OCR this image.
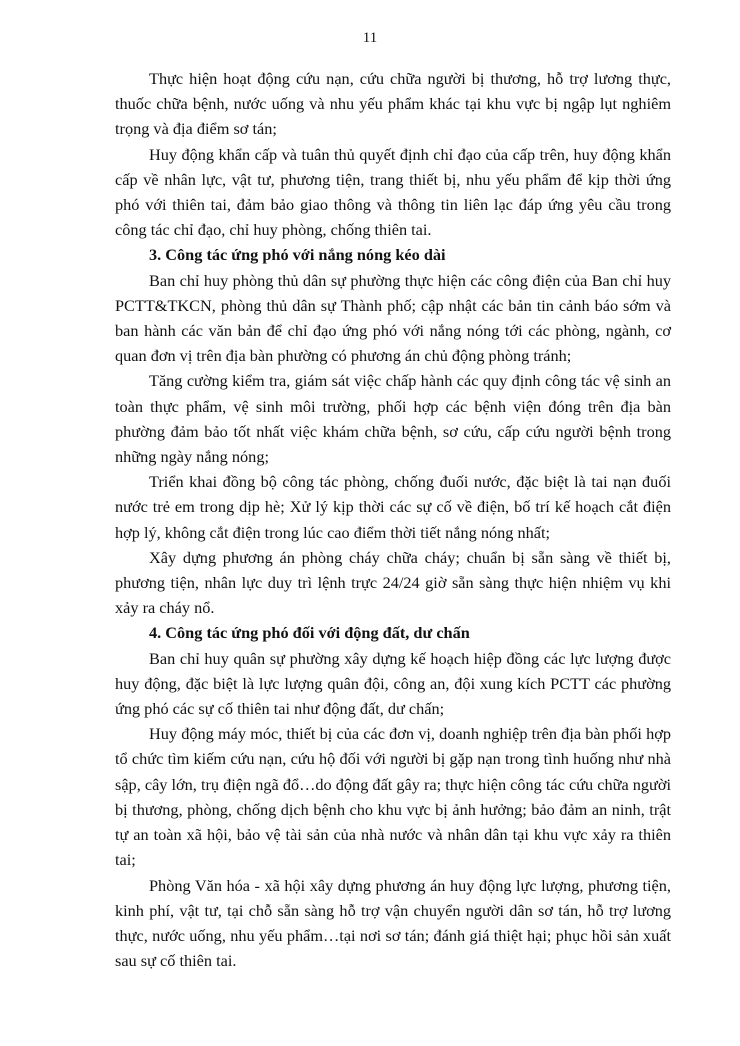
11

Thực hiện hoạt động cứu nạn, cứu chữa người bị thương, hỗ trợ lương thực, thuốc chữa bệnh, nước uống và nhu yếu phẩm khác tại khu vực bị ngập lụt nghiêm trọng và địa điểm sơ tán;

Huy động khẩn cấp và tuân thủ quyết định chỉ đạo của cấp trên, huy động khẩn cấp về nhân lực, vật tư, phương tiện, trang thiết bị, nhu yếu phẩm để kịp thời ứng phó với thiên tai, đảm bảo giao thông và thông tin liên lạc đáp ứng yêu cầu trong công tác chỉ đạo, chỉ huy phòng, chống thiên tai.

3. Công tác ứng phó với nắng nóng kéo dài

Ban chỉ huy phòng thủ dân sự phường thực hiện các công điện của Ban chỉ huy PCTT&TKCN, phòng thủ dân sự Thành phố; cập nhật các bản tin cảnh báo sớm và ban hành các văn bản để chỉ đạo ứng phó với nắng nóng tới các phòng, ngành, cơ quan đơn vị trên địa bàn phường có phương án chủ động phòng tránh;

Tăng cường kiểm tra, giám sát việc chấp hành các quy định công tác vệ sinh an toàn thực phẩm, vệ sinh môi trường, phối hợp các bệnh viện đóng trên địa bàn phường đảm bảo tốt nhất việc khám chữa bệnh, sơ cứu, cấp cứu người bệnh trong những ngày nắng nóng;

Triển khai đồng bộ công tác phòng, chống đuối nước, đặc biệt là tai nạn đuối nước trẻ em trong dịp hè; Xử lý kịp thời các sự cố về điện, bố trí kế hoạch cắt điện hợp lý, không cắt điện trong lúc cao điểm thời tiết nắng nóng nhất;

Xây dựng phương án phòng cháy chữa cháy; chuẩn bị sẵn sàng về thiết bị, phương tiện, nhân lực duy trì lệnh trực 24/24 giờ sẵn sàng thực hiện nhiệm vụ khi xảy ra cháy nổ.

4. Công tác ứng phó đối với động đất, dư chấn

Ban chỉ huy quân sự phường xây dựng kế hoạch hiệp đồng các lực lượng được huy động, đặc biệt là lực lượng quân đội, công an, đội xung kích PCTT các phường ứng phó các sự cố thiên tai như động đất, dư chấn;

Huy động máy móc, thiết bị của các đơn vị, doanh nghiệp trên địa bàn phối hợp tổ chức tìm kiếm cứu nạn, cứu hộ đối với người bị gặp nạn trong tình huống như nhà sập, cây lớn, trụ điện ngã đổ…do động đất gây ra; thực hiện công tác cứu chữa người bị thương, phòng, chống dịch bệnh cho khu vực bị ảnh hưởng; bảo đảm an ninh, trật tự an toàn xã hội, bảo vệ tài sản của nhà nước và nhân dân tại khu vực xảy ra thiên tai;

Phòng Văn hóa - xã hội xây dựng phương án huy động lực lượng, phương tiện, kinh phí, vật tư, tại chỗ sẵn sàng hỗ trợ vận chuyển người dân sơ tán, hỗ trợ lương thực, nước uống, nhu yếu phẩm…tại nơi sơ tán; đánh giá thiệt hại; phục hồi sản xuất sau sự cố thiên tai.
